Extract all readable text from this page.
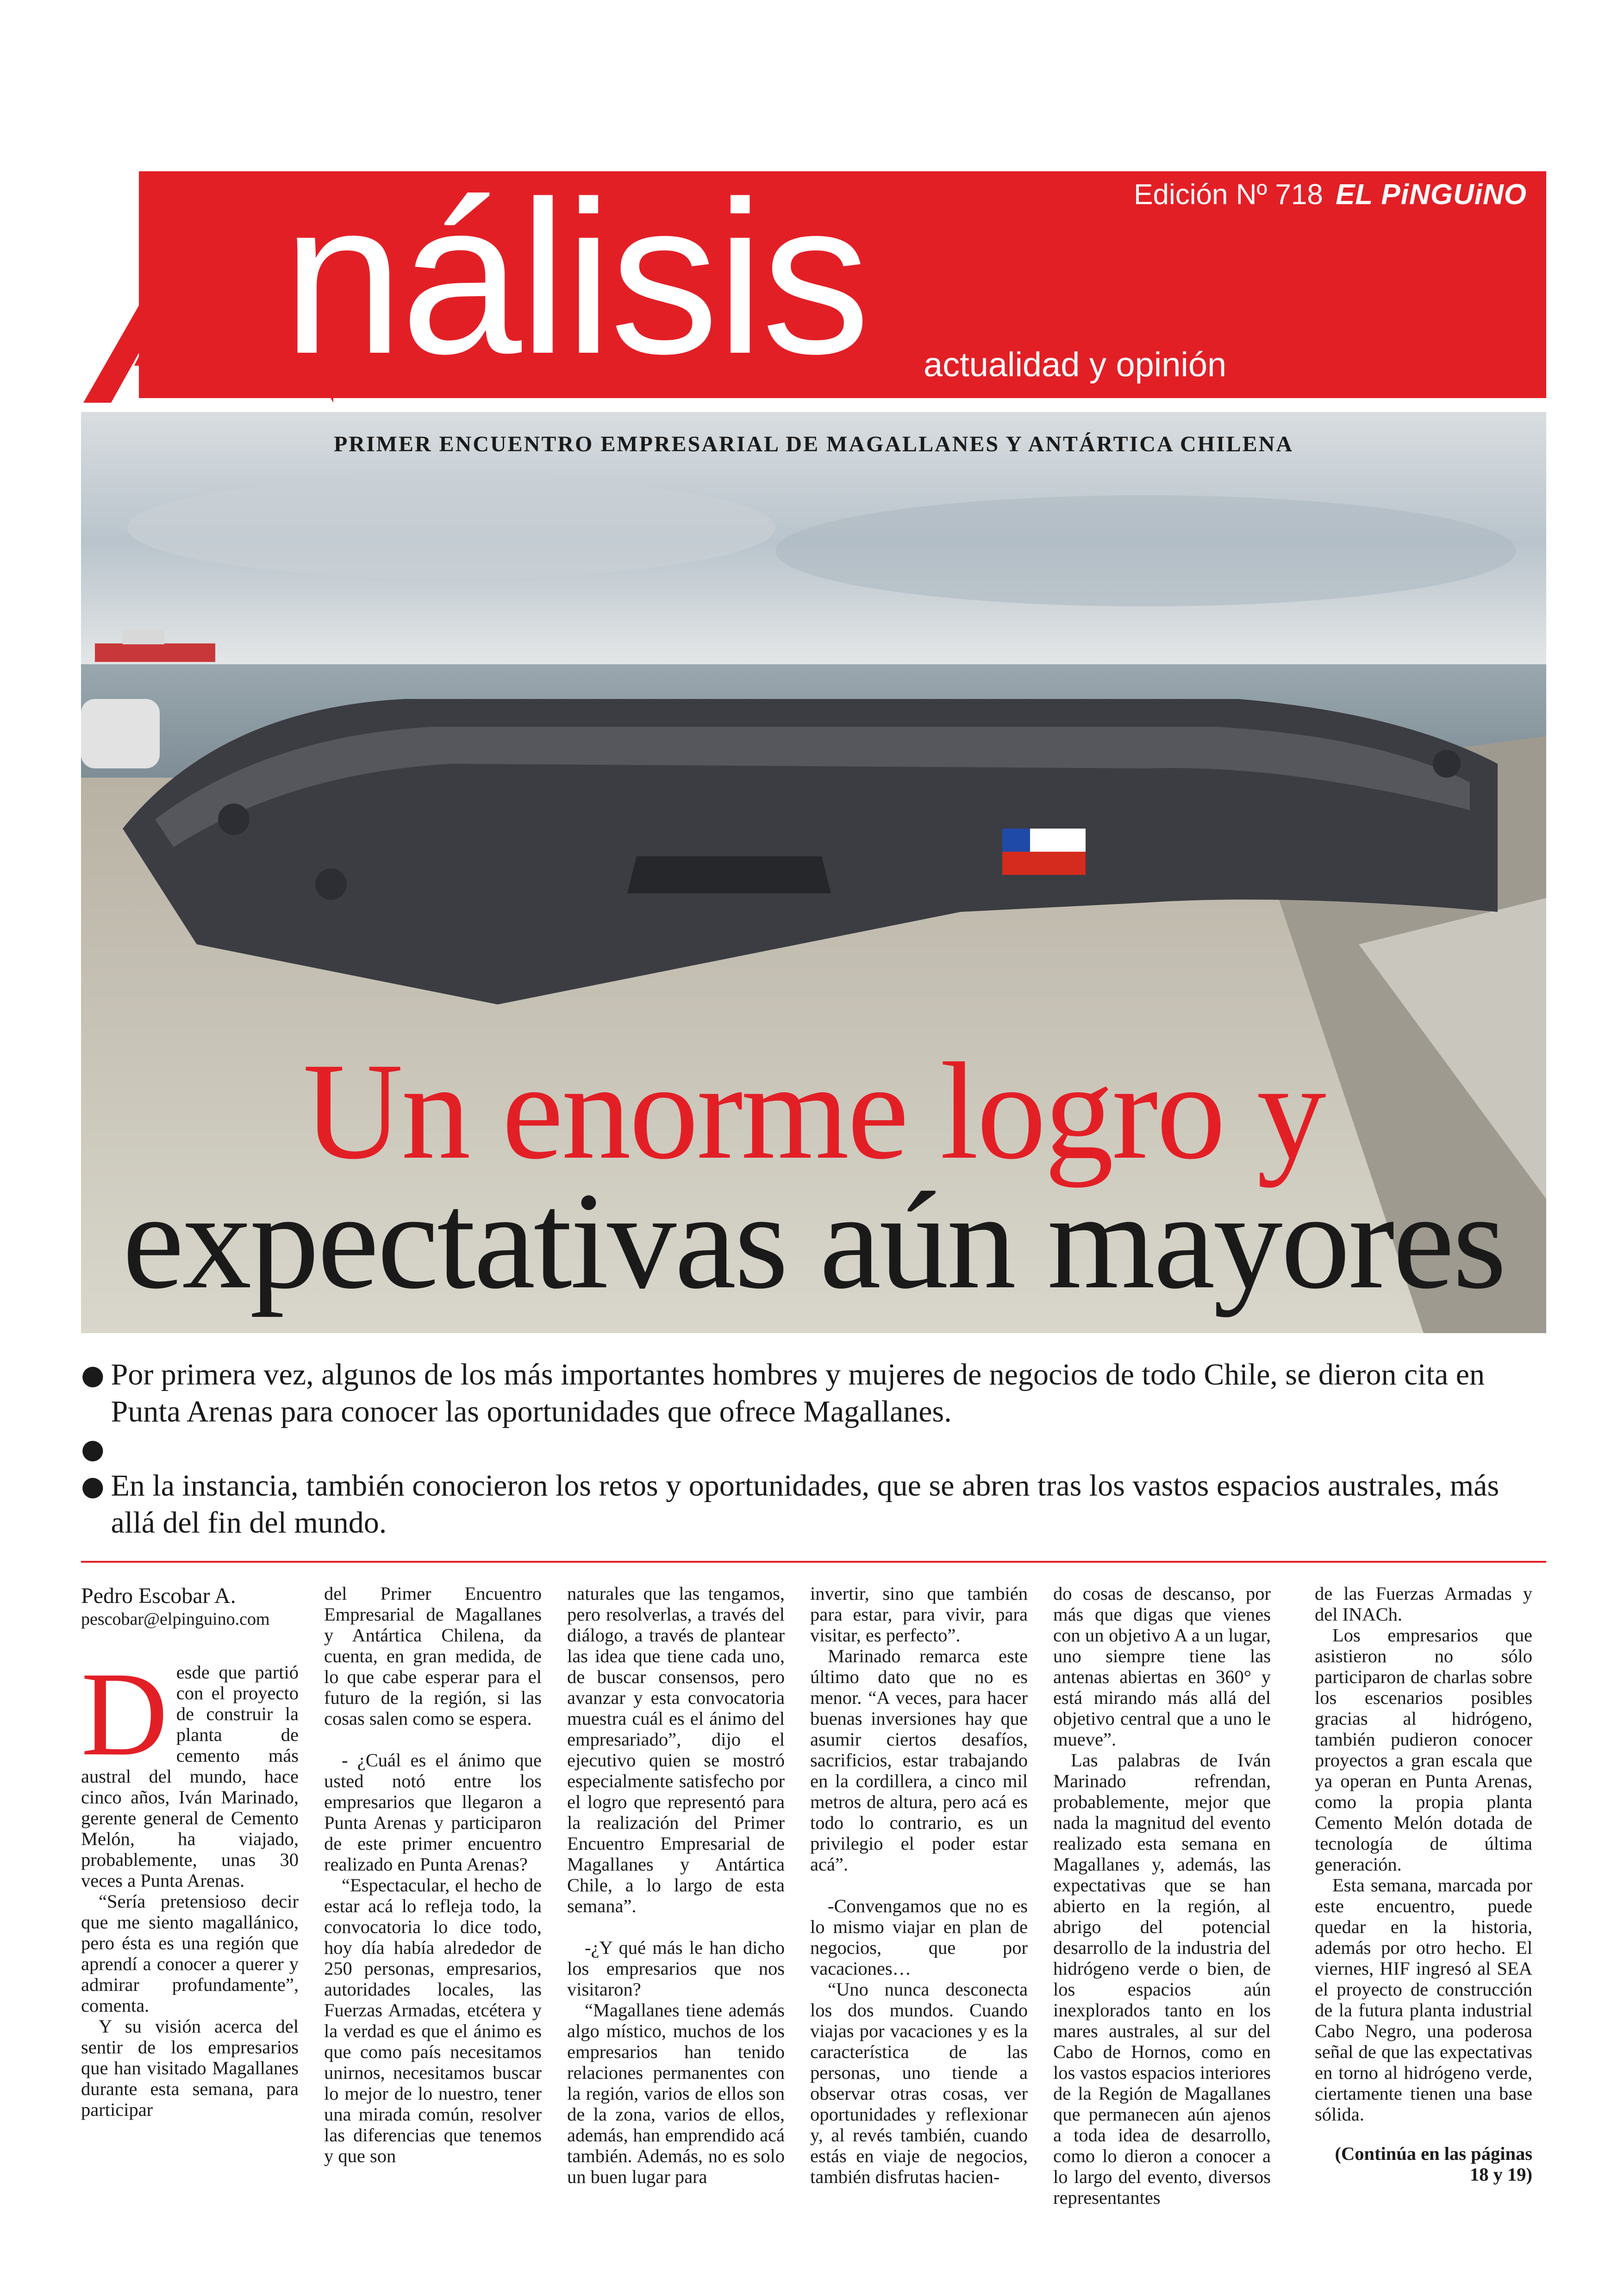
A nálisis	Edición Nº 718 EL PiNGUiNO
actualidad y opinión
PRIMER ENCUENTRO EMPRESARIAL DE MAGALLANES Y ANTÁRTICA CHILENA
Un enorme logro y
expectativas aún mayores
● Por primera vez, algunos de los más importantes hombres y mujeres de negocios de todo Chile, se dieron cita en Punta Arenas para conocer las oportunidades que ofrece Magallanes.
●
● En la instancia, también conocieron los retos y oportunidades, que se abren tras los vastos espacios australes, más allá del fin del mundo.
Pedro Escobar A.
pescobar@elpinguino.com

Desde que partió con el proyecto de construir la planta de cemento más austral del mundo, hace cinco años, Iván Marinado, gerente general de Cemento Melón, ha viajado, probablemente, unas 30 veces a Punta Arenas.

“Sería pretensioso decir que me siento magallánico, pero ésta es una región que aprendí a conocer a querer y admirar profundamente”, comenta.

Y su visión acerca del sentir de los empresarios que han visitado Magallanes durante esta semana, para participar

del Primer Encuentro Empresarial de Magallanes y Antártica Chilena, da cuenta, en gran medida, de lo que cabe esperar para el futuro de la región, si las cosas salen como se espera.

- ¿Cuál es el ánimo que usted notó entre los empresarios que llegaron a Punta Arenas y participaron de este primer encuentro realizado en Punta Arenas?

“Espectacular, el hecho de estar acá lo refleja todo, la convocatoria lo dice todo, hoy día había alrededor de 250 personas, empresarios, autoridades locales, las Fuerzas Armadas, etcétera y la verdad es que el ánimo es que como país necesitamos unirnos, necesitamos buscar lo mejor de lo nuestro, tener una mirada común, resolver las diferencias que tenemos y que son

naturales que las tengamos, pero resolverlas, a través del diálogo, a través de plantear las idea que tiene cada uno, de buscar consensos, pero avanzar y esta convocatoria muestra cuál es el ánimo del empresariado”, dijo el ejecutivo quien se mostró especialmente satisfecho por el logro que representó para la realización del Primer Encuentro Empresarial de Magallanes y Antártica Chile, a lo largo de esta semana”.

-¿Y qué más le han dicho los empresarios que nos visitaron?

“Magallanes tiene además algo místico, muchos de los empresarios han tenido relaciones permanentes con la región, varios de ellos son de la zona, varios de ellos, además, han emprendido acá también. Además, no es solo un buen lugar para

invertir, sino que también para estar, para vivir, para visitar, es perfecto”.

Marinado remarca este último dato que no es menor. “A veces, para hacer buenas inversiones hay que asumir ciertos desafíos, sacrificios, estar trabajando en la cordillera, a cinco mil metros de altura, pero acá es todo lo contrario, es un privilegio el poder estar acá”.

-Convengamos que no es lo mismo viajar en plan de negocios, que por vacaciones…

“Uno nunca desconecta los dos mundos. Cuando viajas por vacaciones y es la característica de las personas, uno tiende a observar otras cosas, ver oportunidades y reflexionar y, al revés también, cuando estás en viaje de negocios, también disfrutas hacien-

do cosas de descanso, por más que digas que vienes con un objetivo A a un lugar, uno siempre tiene las antenas abiertas en 360° y está mirando más allá del objetivo central que a uno le mueve”.

Las palabras de Iván Marinado refrendan, probablemente, mejor que nada la magnitud del evento realizado esta semana en Magallanes y, además, las expectativas que se han abierto en la región, al abrigo del potencial desarrollo de la industria del hidrógeno verde o bien, de los espacios aún inexplorados tanto en los mares australes, al sur del Cabo de Hornos, como en los vastos espacios interiores de la Región de Magallanes que permanecen aún ajenos a toda idea de desarrollo, como lo dieron a conocer a lo largo del evento, diversos representantes

de las Fuerzas Armadas y del INACh.

Los empresarios que asistieron no sólo participaron de charlas sobre los escenarios posibles gracias al hidrógeno, también pudieron conocer proyectos a gran escala que ya operan en Punta Arenas, como la propia planta Cemento Melón dotada de tecnología de última generación.

Esta semana, marcada por este encuentro, puede quedar en la historia, además por otro hecho. El viernes, HIF ingresó al SEA el proyecto de construcción de la futura planta industrial Cabo Negro, una poderosa señal de que las expectativas en torno al hidrógeno verde, ciertamente tienen una base sólida.

(Continúa en las páginas 18 y 19)
